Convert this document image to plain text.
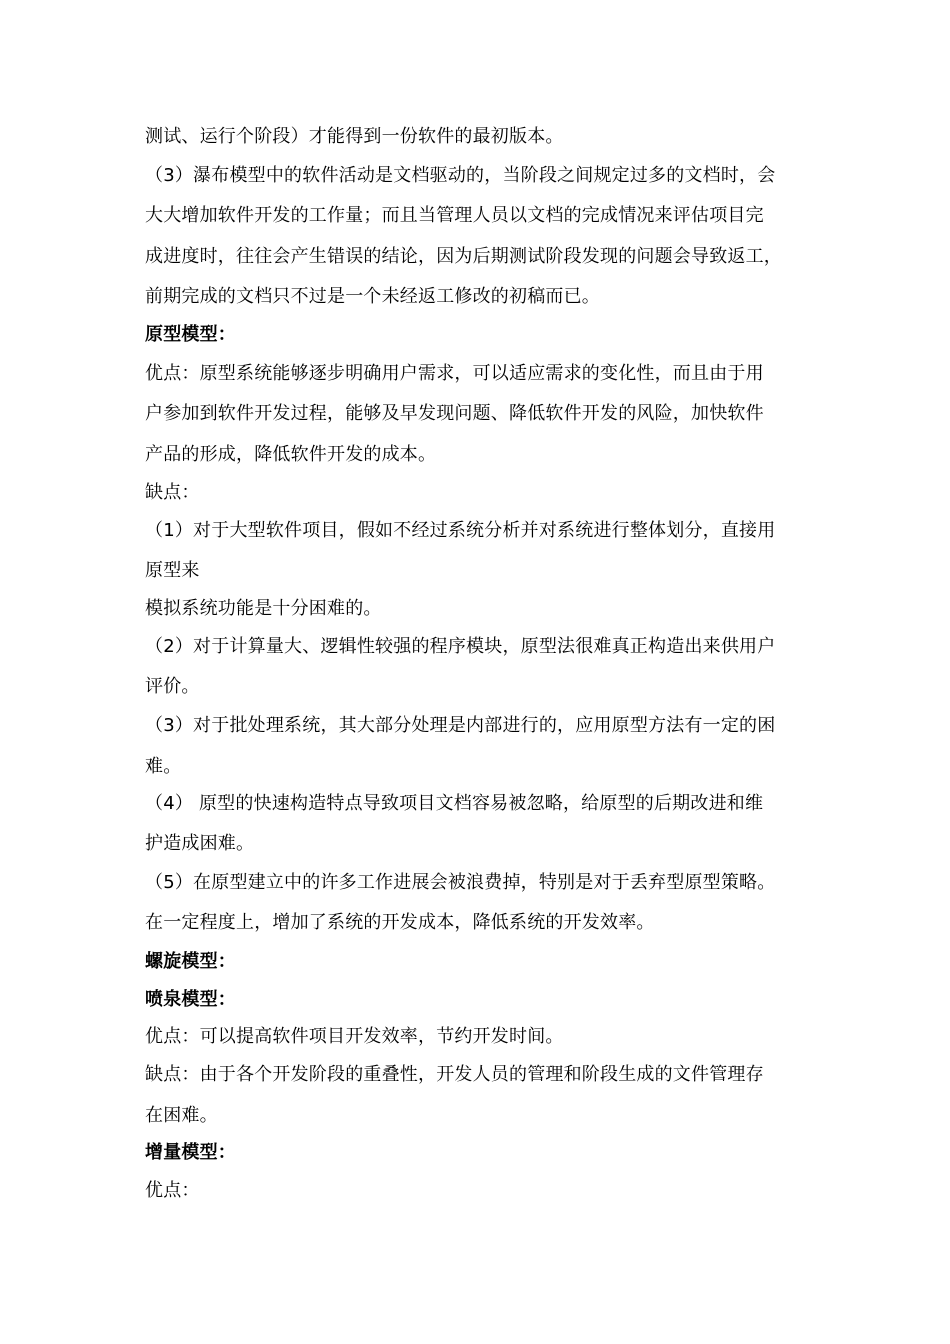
测试、运行个阶段）才能得到一份软件的最初版本。
（3）瀑布模型中的软件活动是文档驱动的，当阶段之间规定过多的文档时，会
大大增加软件开发的工作量；而且当管理人员以文档的完成情况来评估项目完
成进度时，往往会产生错误的结论，因为后期测试阶段发现的问题会导致返工，
前期完成的文档只不过是一个未经返工修改的初稿而已。
原型模型：
优点：原型系统能够逐步明确用户需求，可以适应需求的变化性，而且由于用
户参加到软件开发过程，能够及早发现问题、降低软件开发的风险，加快软件
产品的形成，降低软件开发的成本。
缺点：
（1）对于大型软件项目，假如不经过系统分析并对系统进行整体划分，直接用
原型来
模拟系统功能是十分困难的。
（2）对于计算量大、逻辑性较强的程序模块，原型法很难真正构造出来供用户
评价。
（3）对于批处理系统，其大部分处理是内部进行的，应用原型方法有一定的困
难。
（4） 原型的快速构造特点导致项目文档容易被忽略，给原型的后期改进和维
护造成困难。
（5）在原型建立中的许多工作进展会被浪费掉，特别是对于丢弃型原型策略。
在一定程度上，增加了系统的开发成本，降低系统的开发效率。
螺旋模型：
喷泉模型：
优点：可以提高软件项目开发效率，节约开发时间。
缺点：由于各个开发阶段的重叠性，开发人员的管理和阶段生成的文件管理存
在困难。
增量模型：
优点：
